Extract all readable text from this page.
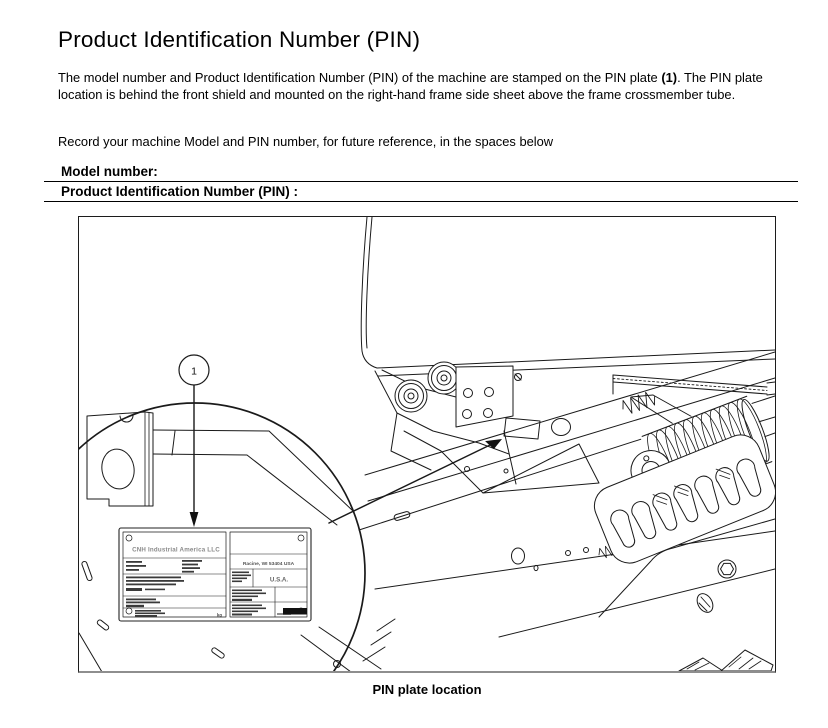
Product Identification Number (PIN)

The model number and Product Identification Number (PIN) of the machine are stamped on the PIN plate (1). The PIN plate location is behind the front shield and mounted on the right-hand frame side sheet above the frame crossmember tube.

Record your machine Model and PIN number, for future reference, in the spaces below

Model number:
Product Identification Number (PIN) :
CNH Industrial America LLC
kg
Racine, WI 53404 USA
U.S.A.
1
PIN plate location
